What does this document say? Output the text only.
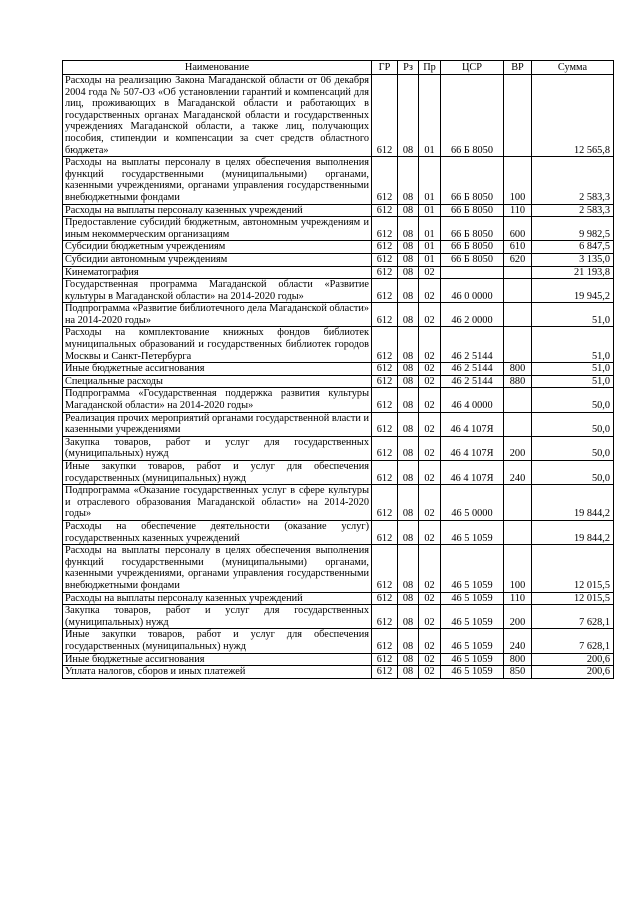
Наименование	ГР	Рз	Пр	ЦСР	ВР	Сумма
Расходы на реализацию Закона Магаданской области от 06 декабря 2004 года № 507-ОЗ «Об установлении гарантий и компенсаций для лиц, проживающих в Магаданской области и работающих в государственных органах Магаданской области и государственных учреждениях Магаданской области, а также лиц, получающих пособия, стипендии и компенсации за счет средств областного бюджета»	612	08	01	66 Б 8050		12 565,8
Расходы на выплаты персоналу в целях обеспечения выполнения функций государственными (муниципальными) органами, казенными учреждениями, органами управления государственными внебюджетными фондами	612	08	01	66 Б 8050	100	2 583,3
Расходы на выплаты персоналу казенных учреждений	612	08	01	66 Б 8050	110	2 583,3
Предоставление субсидий бюджетным, автономным учреждениям и иным некоммерческим организациям	612	08	01	66 Б 8050	600	9 982,5
Субсидии бюджетным учреждениям	612	08	01	66 Б 8050	610	6 847,5
Субсидии автономным учреждениям	612	08	01	66 Б 8050	620	3 135,0
Кинематография	612	08	02			21 193,8
Государственная программа Магаданской области «Развитие культуры в Магаданской области» на 2014-2020 годы»	612	08	02	46 0 0000		19 945,2
Подпрограмма «Развитие библиотечного дела Магаданской области» на 2014-2020 годы»	612	08	02	46 2 0000		51,0
Расходы на комплектование книжных фондов библиотек муниципальных образований и государственных библиотек городов Москвы и Санкт-Петербурга	612	08	02	46 2 5144		51,0
Иные бюджетные ассигнования	612	08	02	46 2 5144	800	51,0
Специальные расходы	612	08	02	46 2 5144	880	51,0
Подпрограмма «Государственная поддержка развития культуры Магаданской области» на 2014-2020 годы»	612	08	02	46 4 0000		50,0
Реализация прочих мероприятий органами государственной власти и казенными учреждениями	612	08	02	46 4 107Я		50,0
Закупка товаров, работ и услуг для государственных (муниципальных) нужд	612	08	02	46 4 107Я	200	50,0
Иные закупки товаров, работ и услуг для обеспечения государственных (муниципальных) нужд	612	08	02	46 4 107Я	240	50,0
Подпрограмма «Оказание государственных услуг в сфере культуры и отраслевого образования Магаданской области» на 2014-2020 годы»	612	08	02	46 5 0000		19 844,2
Расходы на обеспечение деятельности (оказание услуг) государственных казенных учреждений	612	08	02	46 5 1059		19 844,2
Расходы на выплаты персоналу в целях обеспечения выполнения функций государственными (муниципальными) органами, казенными учреждениями, органами управления государственными внебюджетными фондами	612	08	02	46 5 1059	100	12 015,5
Расходы на выплаты персоналу казенных учреждений	612	08	02	46 5 1059	110	12 015,5
Закупка товаров, работ и услуг для государственных (муниципальных) нужд	612	08	02	46 5 1059	200	7 628,1
Иные закупки товаров, работ и услуг для обеспечения государственных (муниципальных) нужд	612	08	02	46 5 1059	240	7 628,1
Иные бюджетные ассигнования	612	08	02	46 5 1059	800	200,6
Уплата налогов, сборов и иных платежей	612	08	02	46 5 1059	850	200,6
